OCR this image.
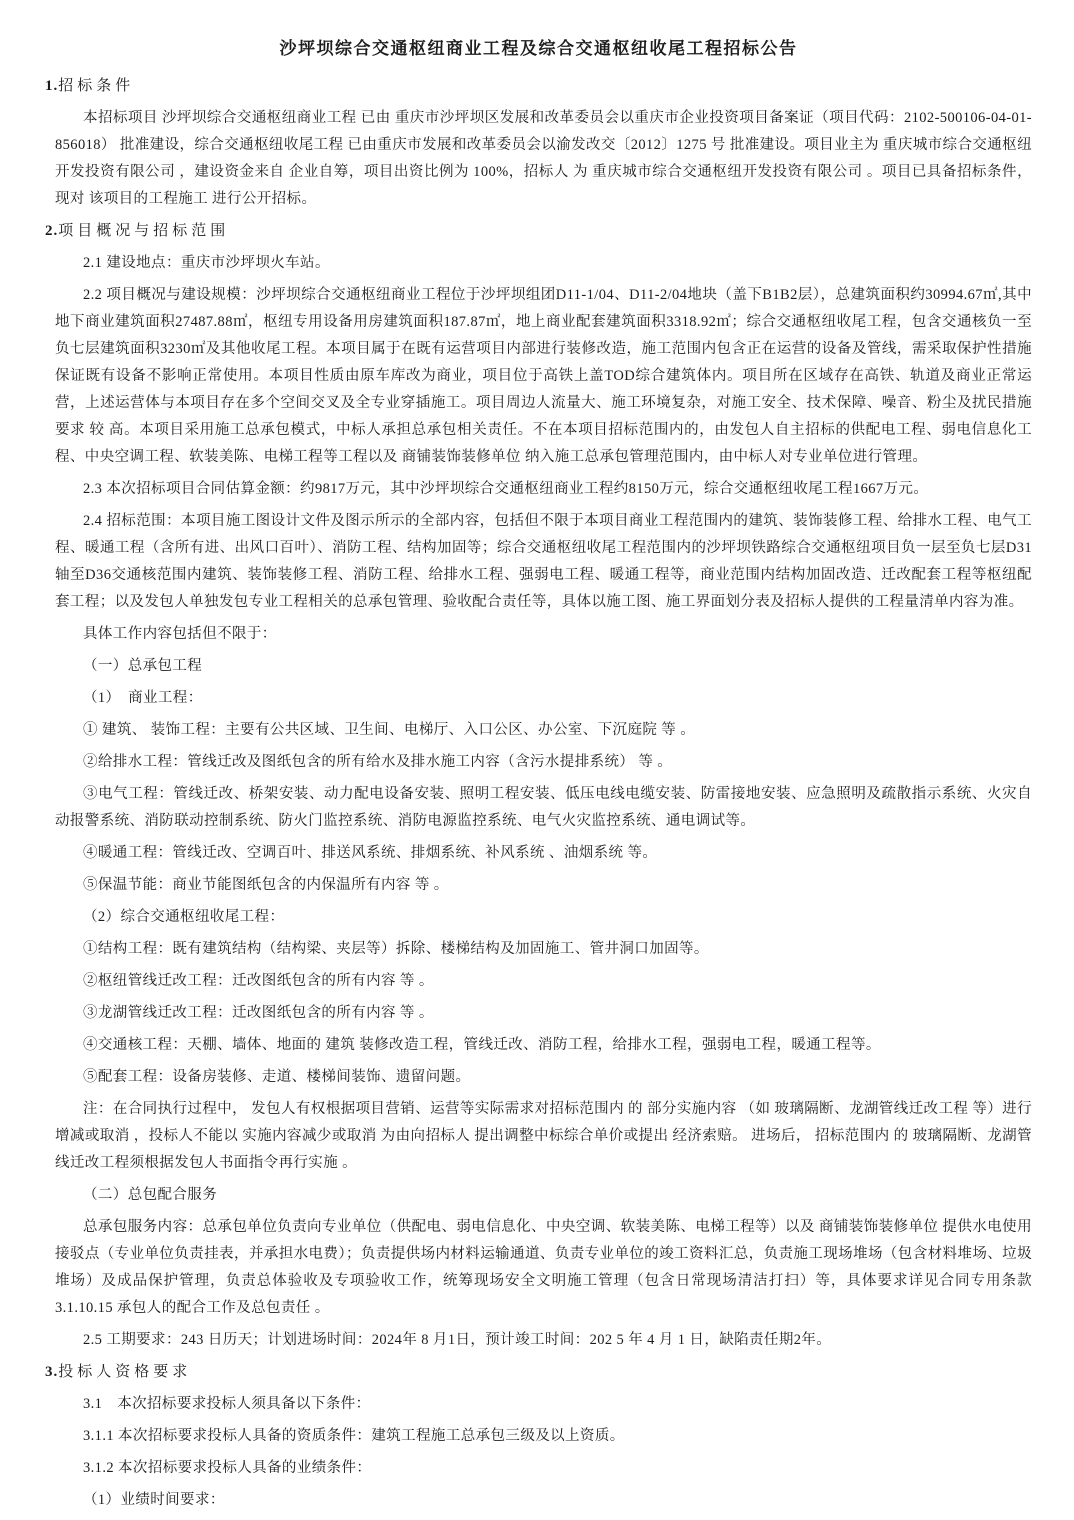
沙坪坝综合交通枢纽商业工程及综合交通枢纽收尾工程招标公告
1.招标条件

本招标项目 沙坪坝综合交通枢纽商业工程 已由 重庆市沙坪坝区发展和改革委员会以重庆市企业投资项目备案证（项目代码：2102-500106-04-01-856018） 批准建设，综合交通枢纽收尾工程 已由重庆市发展和改革委员会以渝发改交〔2012〕1275 号 批准建设。项目业主为 重庆城市综合交通枢纽开发投资有限公司 ，建设资金来自 企业自筹，项目出资比例为 100%，招标人 为 重庆城市综合交通枢纽开发投资有限公司 。项目已具备招标条件，现对 该项目的工程施工 进行公开招标。

2.项目概况与招标范围

2.1 建设地点：重庆市沙坪坝火车站。

2.2 项目概况与建设规模：沙坪坝综合交通枢纽商业工程位于沙坪坝组团D11-1/04、D11-2/04地块（盖下B1B2层），总建筑面积约30994.67㎡,其中地下商业建筑面积27487.88㎡，枢纽专用设备用房建筑面积187.87㎡，地上商业配套建筑面积3318.92㎡；综合交通枢纽收尾工程，包含交通核负一至负七层建筑面积3230㎡及其他收尾工程。本项目属于在既有运营项目内部进行装修改造，施工范围内包含正在运营的设备及管线，需采取保护性措施保证既有设备不影响正常使用。本项目性质由原车库改为商业，项目位于高铁上盖TOD综合建筑体内。项目所在区域存在高铁、轨道及商业正常运营，上述运营体与本项目存在多个空间交叉及全专业穿插施工。项目周边人流量大、施工环境复杂，对施工安全、技术保障、噪音、粉尘及扰民措施要求 较 高。本项目采用施工总承包模式，中标人承担总承包相关责任。不在本项目招标范围内的，由发包人自主招标的供配电工程、弱电信息化工程、中央空调工程、软装美陈、电梯工程等工程以及 商铺装饰装修单位 纳入施工总承包管理范围内，由中标人对专业单位进行管理。

2.3 本次招标项目合同估算金额：约9817万元，其中沙坪坝综合交通枢纽商业工程约8150万元，综合交通枢纽收尾工程1667万元。

2.4 招标范围：本项目施工图设计文件及图示所示的全部内容，包括但不限于本项目商业工程范围内的建筑、装饰装修工程、给排水工程、电气工程、暖通工程（含所有进、出风口百叶）、消防工程、结构加固等；综合交通枢纽收尾工程范围内的沙坪坝铁路综合交通枢纽项目负一层至负七层D31轴至D36交通核范围内建筑、装饰装修工程、消防工程、给排水工程、强弱电工程、暖通工程等，商业范围内结构加固改造、迁改配套工程等枢纽配套工程；以及发包人单独发包专业工程相关的总承包管理、验收配合责任等，具体以施工图、施工界面划分表及招标人提供的工程量清单内容为准。

具体工作内容包括但不限于：

（一）总承包工程

（1）　商业工程：

① 建筑、 装饰工程：主要有公共区域、卫生间、电梯厅、入口公区、办公室、下沉庭院 等 。

②给排水工程：管线迁改及图纸包含的所有给水及排水施工内容（含污水提排系统） 等 。

③电气工程：管线迁改、桥架安装、动力配电设备安装、照明工程安装、低压电线电缆安装、防雷接地安装、应急照明及疏散指示系统、火灾自动报警系统、消防联动控制系统、防火门监控系统、消防电源监控系统、电气火灾监控系统、通电调试等。

④暖通工程：管线迁改、空调百叶、排送风系统、排烟系统、补风系统 、油烟系统 等。

⑤保温节能：商业节能图纸包含的内保温所有内容 等 。

（2）综合交通枢纽收尾工程：

①结构工程：既有建筑结构（结构梁、夹层等）拆除、楼梯结构及加固施工、管井洞口加固等。

②枢纽管线迁改工程：迁改图纸包含的所有内容 等 。

③龙湖管线迁改工程：迁改图纸包含的所有内容 等 。

④交通核工程：天棚、墙体、地面的 建筑 装修改造工程，管线迁改、消防工程，给排水工程，强弱电工程，暖通工程等。

⑤配套工程：设备房装修、走道、楼梯间装饰、遗留问题。

注：在合同执行过程中， 发包人有权根据项目营销、运营等实际需求对招标范围内 的 部分实施内容 （如 玻璃隔断、龙湖管线迁改工程 等）进行 增减或取消 ，投标人不能以 实施内容减少或取消 为由向招标人 提出调整中标综合单价或提出 经济索赔。 进场后， 招标范围内 的 玻璃隔断、龙湖管线迁改工程须根据发包人书面指令再行实施 。

（二）总包配合服务

总承包服务内容：总承包单位负责向专业单位（供配电、弱电信息化、中央空调、软装美陈、电梯工程等）以及 商铺装饰装修单位 提供水电使用接驳点（专业单位负责挂表，并承担水电费）；负责提供场内材料运输通道、负责专业单位的竣工资料汇总，负责施工现场堆场（包含材料堆场、垃圾堆场）及成品保护管理，负责总体验收及专项验收工作，统筹现场安全文明施工管理（包含日常现场清洁打扫）等，具体要求详见合同专用条款 3.1.10.15 承包人的配合工作及总包责任 。

2.5 工期要求：243 日历天；计划进场时间：2024年 8 月1日，预计竣工时间：202 5 年 4 月 1 日，缺陷责任期2年。

3.投标人资格要求

3.1　本次招标要求投标人须具备以下条件：

3.1.1 本次招标要求投标人具备的资质条件：建筑工程施工总承包三级及以上资质。

3.1.2 本次招标要求投标人具备的业绩条件：

（1）业绩时间要求：
